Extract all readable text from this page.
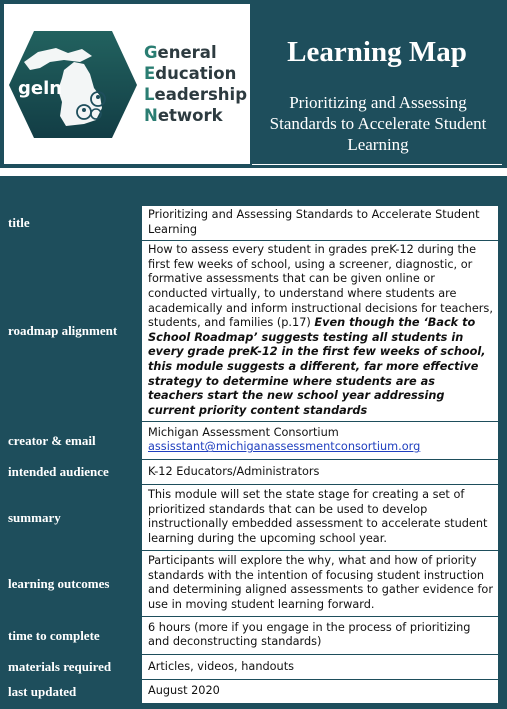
geln
General
Education
Leadership
Network
Learning Map
Prioritizing and Assessing Standards to Accelerate Student Learning
title	Prioritizing and Assessing Standards to Accelerate Student Learning
roadmap alignment	How to assess every student in grades preK-12 during the first few weeks of school, using a screener, diagnostic, or formative assessments that can be given online or conducted virtually, to understand where students are academically and inform instructional decisions for teachers, students, and families (p.17) Even though the ‘Back to School Roadmap’ suggests testing all students in every grade preK-12 in the first few weeks of school, this module suggests a different, far more effective strategy to determine where students are as teachers start the new school year addressing current priority content standards
creator & email	Michigan Assessment Consortium
assisstant@michiganassessmentconsortium.org
intended audience	K-12 Educators/Administrators
summary	This module will set the state stage for creating a set of prioritized standards that can be used to develop instructionally embedded assessment to accelerate student learning during the upcoming school year.
learning outcomes	Participants will explore the why, what and how of priority standards with the intention of focusing student instruction and determining aligned assessments to gather evidence for use in moving student learning forward.
time to complete	6 hours (more if you engage in the process of prioritizing and deconstructing standards)
materials required	Articles, videos, handouts
last updated	August 2020
